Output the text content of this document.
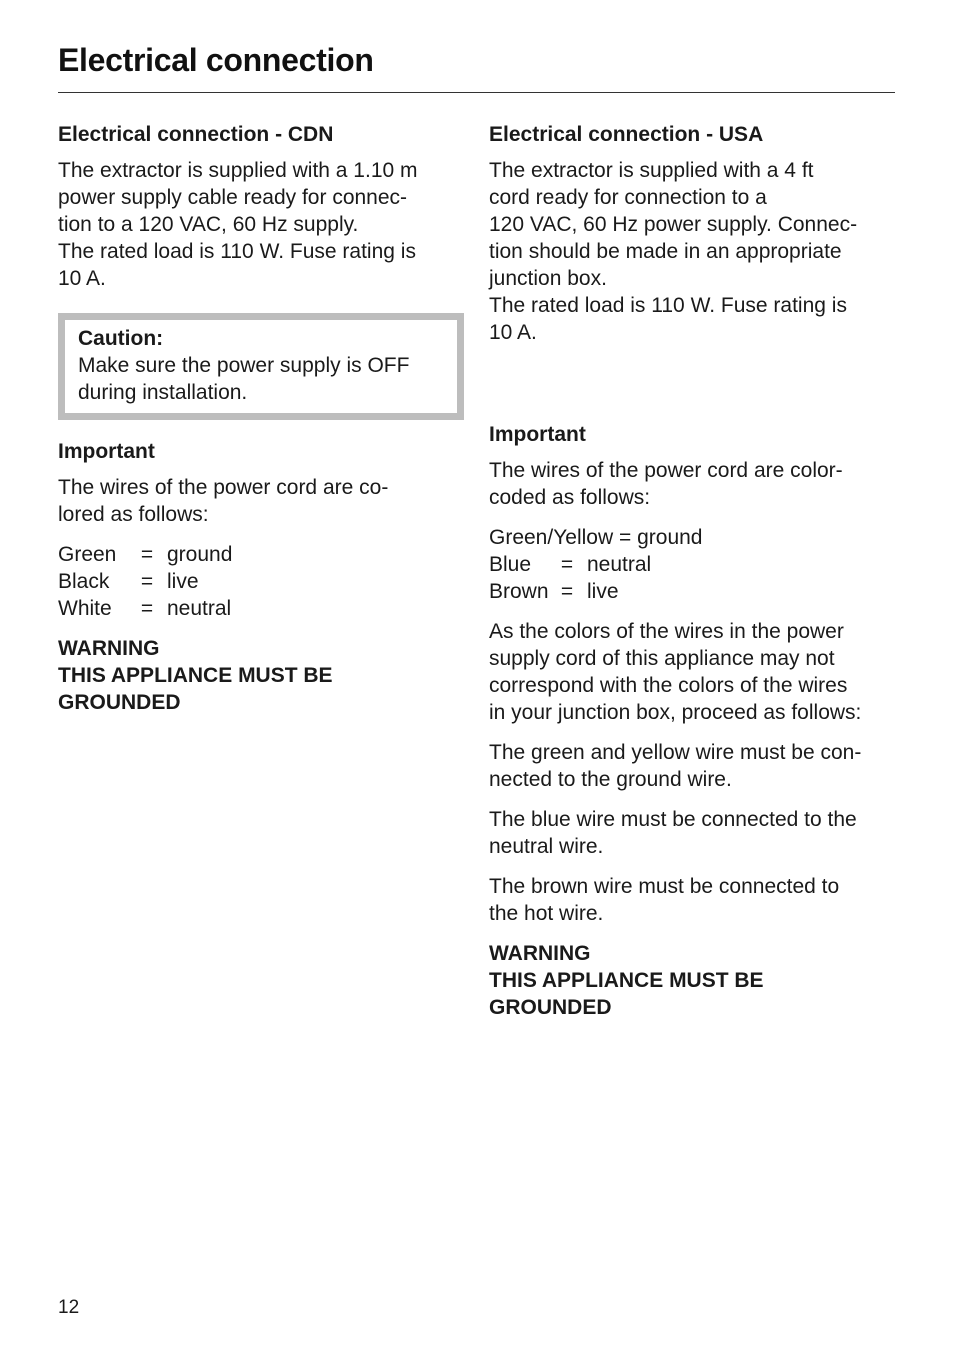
Electrical connection
Electrical connection - CDN

The extractor is supplied with a 1.10 m
power supply cable ready for connec-
tion to a 120 VAC, 60 Hz supply.
The rated load is 110 W. Fuse rating is
10 A.

Caution:

Make sure the power supply is OFF
during installation.

Important

The wires of the power cord are co-
lored as follows:

Green	=	ground
Black	=	live
White	=	neutral
WARNING
THIS APPLIANCE MUST BE
GROUNDED
Electrical connection - USA

The extractor is supplied with a 4 ft
cord ready for connection to a
120 VAC, 60 Hz power supply. Connec-
tion should be made in an appropriate
junction box.
The rated load is 110 W. Fuse rating is
10 A.

Important

The wires of the power cord are color-
coded as follows:

Green/Yellow = ground		
Blue	=	neutral
Brown	=	live

As the colors of the wires in the power
supply cord of this appliance may not
correspond with the colors of the wires
in your junction box, proceed as follows:

The green and yellow wire must be con-
nected to the ground wire.

The blue wire must be connected to the
neutral wire.

The brown wire must be connected to
the hot wire.

WARNING
THIS APPLIANCE MUST BE
GROUNDED
12
